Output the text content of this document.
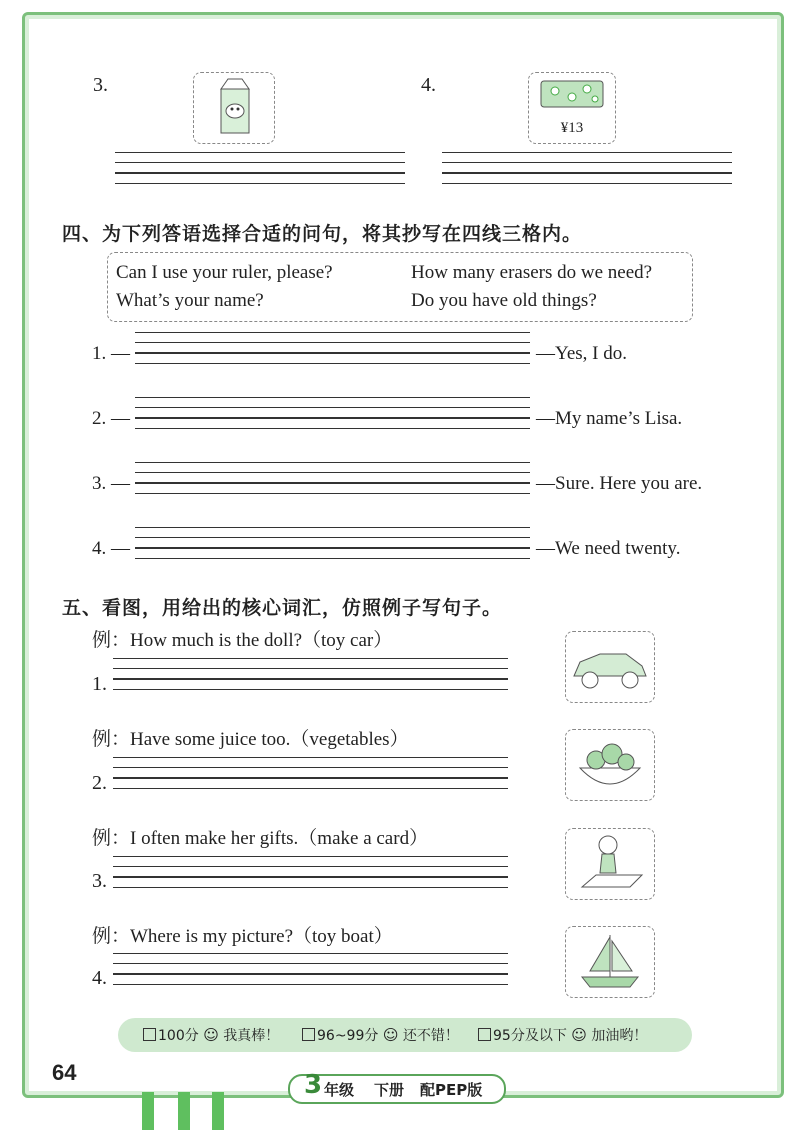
3.	4.
¥13
四、为下列答语选择合适的问句，将其抄写在四线三格内。
Can I use your ruler, please?	How many erasers do we need?
What’s your name?	Do you have old things?
1. —	—Yes, I do.
2. —	—My name’s Lisa.
3. —	—Sure. Here you are.
4. —	—We need twenty.
五、看图，用给出的核心词汇，仿照例子写句子。
例：How much is the doll?（toy car）
1.
例：Have some juice too.（vegetables）
2.
例：I often make her gifts.（make a card）
3.
例：Where is my picture?（toy boat）
4.
100分 ☺ 我真棒！	96~99分 ☺ 还不错！	95分及以下 ☺ 加油哟！
64	3 年级 下册 配PEP版
